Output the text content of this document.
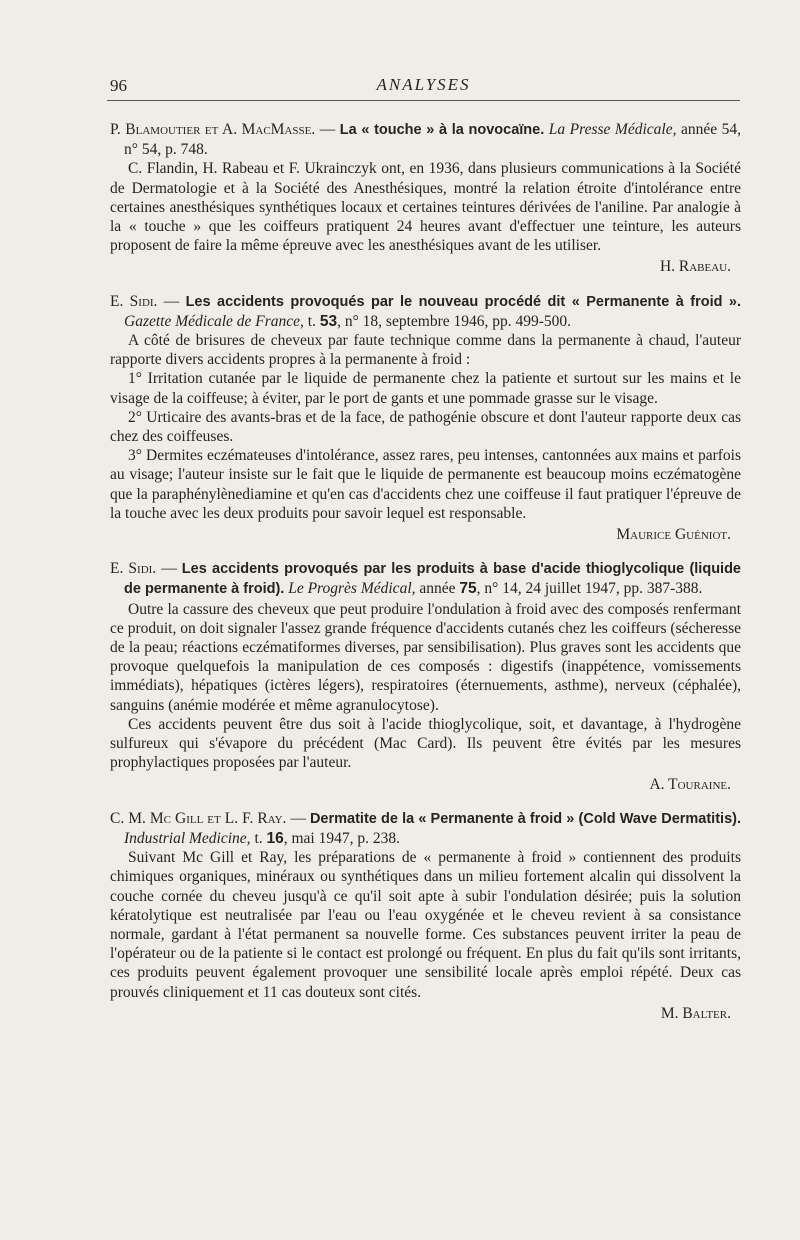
96	ANALYSES

P. Blamoutier et A. MacMasse. — La « touche » à la novocaïne. La Presse Médicale, année 54, n° 54, p. 748.

C. Flandin, H. Rabeau et F. Ukrainczyk ont, en 1936, dans plusieurs communications à la Société de Dermatologie et à la Société des Anesthésiques, montré la relation étroite d'intolérance entre certaines anesthésiques synthétiques locaux et certaines teintures dérivées de l'aniline. Par analogie à la « touche » que les coiffeurs pratiquent 24 heures avant d'effectuer une teinture, les auteurs proposent de faire la même épreuve avec les anesthésiques avant de les utiliser.

H. Rabeau.

E. Sidi. — Les accidents provoqués par le nouveau procédé dit « Permanente à froid ». Gazette Médicale de France, t. 53, n° 18, septembre 1946, pp. 499-500.

A côté de brisures de cheveux par faute technique comme dans la permanente à chaud, l'auteur rapporte divers accidents propres à la permanente à froid :

1° Irritation cutanée par le liquide de permanente chez la patiente et surtout sur les mains et le visage de la coiffeuse; à éviter, par le port de gants et une pommade grasse sur le visage.

2° Urticaire des avants-bras et de la face, de pathogénie obscure et dont l'auteur rapporte deux cas chez des coiffeuses.

3° Dermites eczémateuses d'intolérance, assez rares, peu intenses, cantonnées aux mains et parfois au visage; l'auteur insiste sur le fait que le liquide de permanente est beaucoup moins eczématogène que la paraphénylènediamine et qu'en cas d'accidents chez une coiffeuse il faut pratiquer l'épreuve de la touche avec les deux produits pour savoir lequel est responsable.

Maurice Guéniot.

E. Sidi. — Les accidents provoqués par les produits à base d'acide thioglycolique (liquide de permanente à froid). Le Progrès Médical, année 75, n° 14, 24 juillet 1947, pp. 387-388.

Outre la cassure des cheveux que peut produire l'ondulation à froid avec des composés renfermant ce produit, on doit signaler l'assez grande fréquence d'accidents cutanés chez les coiffeurs (sécheresse de la peau; réactions eczématiformes diverses, par sensibilisation). Plus graves sont les accidents que provoque quelquefois la manipulation de ces composés : digestifs (inappétence, vomissements immédiats), hépatiques (ictères légers), respiratoires (éternuements, asthme), nerveux (céphalée), sanguins (anémie modérée et même agranulocytose).

Ces accidents peuvent être dus soit à l'acide thioglycolique, soit, et davantage, à l'hydrogène sulfureux qui s'évapore du précédent (Mac Card). Ils peuvent être évités par les mesures prophylactiques proposées par l'auteur.

A. Touraine.

C. M. Mc Gill et L. F. Ray. — Dermatite de la « Permanente à froid » (Cold Wave Dermatitis). Industrial Medicine, t. 16, mai 1947, p. 238.

Suivant Mc Gill et Ray, les préparations de « permanente à froid » contiennent des produits chimiques organiques, minéraux ou synthétiques dans un milieu fortement alcalin qui dissolvent la couche cornée du cheveu jusqu'à ce qu'il soit apte à subir l'ondulation désirée; puis la solution kératolytique est neutralisée par l'eau ou l'eau oxygénée et le cheveu revient à sa consistance normale, gardant à l'état permanent sa nouvelle forme. Ces substances peuvent irriter la peau de l'opérateur ou de la patiente si le contact est prolongé ou fréquent. En plus du fait qu'ils sont irritants, ces produits peuvent également provoquer une sensibilité locale après emploi répété. Deux cas prouvés cliniquement et 11 cas douteux sont cités.

M. Balter.
